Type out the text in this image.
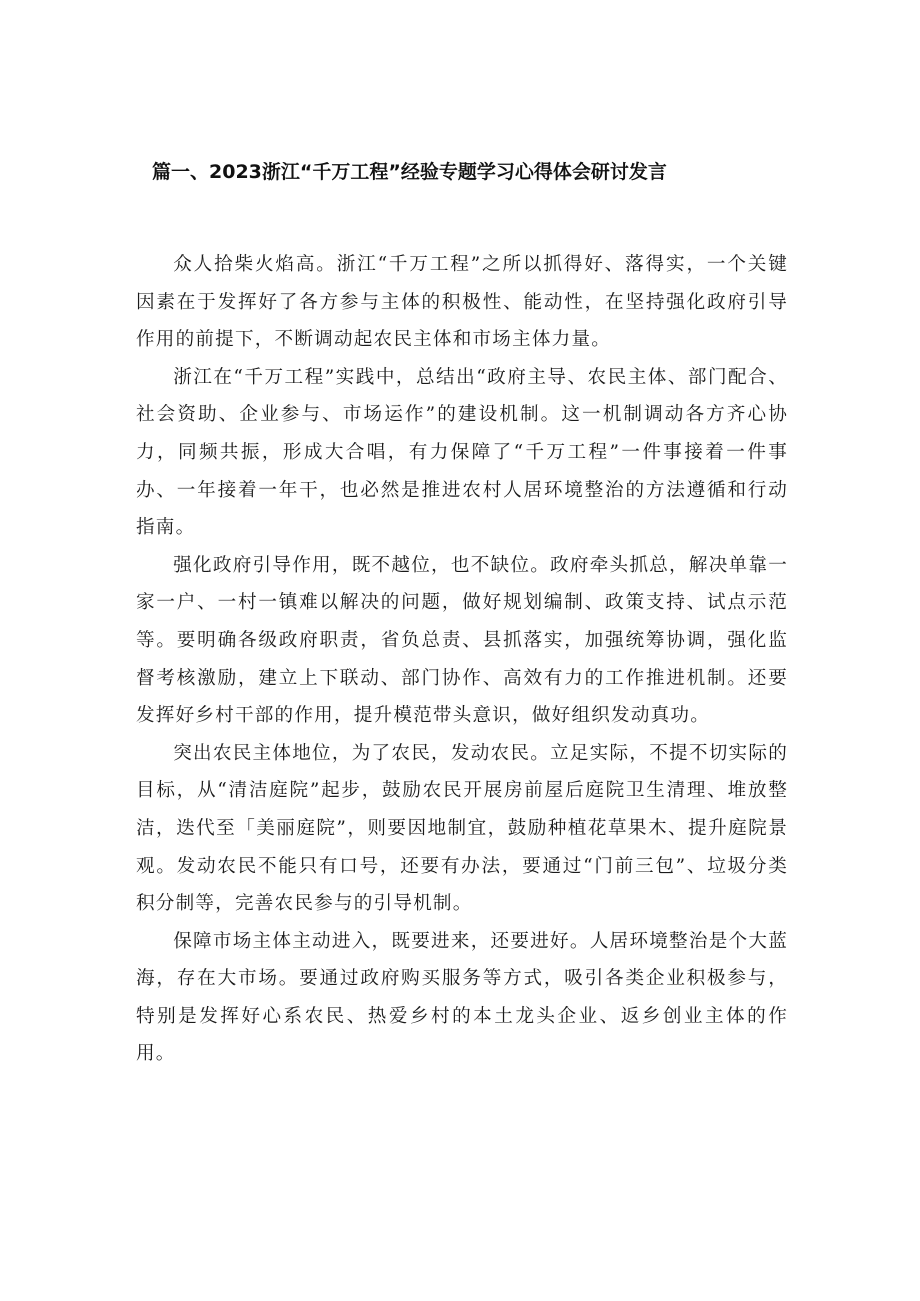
篇一、2023浙江“千万工程”经验专题学习心得体会研讨发言

众人拾柴火焰高。浙江“千万工程”之所以抓得好、落得实，一个关键因素在于发挥好了各方参与主体的积极性、能动性，在坚持强化政府引导作用的前提下，不断调动起农民主体和市场主体力量。

浙江在“千万工程”实践中，总结出“政府主导、农民主体、部门配合、社会资助、企业参与、市场运作”的建设机制。这一机制调动各方齐心协力，同频共振，形成大合唱，有力保障了“千万工程”一件事接着一件事办、一年接着一年干，也必然是推进农村人居环境整治的方法遵循和行动指南。

强化政府引导作用，既不越位，也不缺位。政府牵头抓总，解决单靠一家一户、一村一镇难以解决的问题，做好规划编制、政策支持、试点示范等。要明确各级政府职责，省负总责、县抓落实，加强统筹协调，强化监督考核激励，建立上下联动、部门协作、高效有力的工作推进机制。还要发挥好乡村干部的作用，提升模范带头意识，做好组织发动真功。

突出农民主体地位，为了农民，发动农民。立足实际，不提不切实际的目标，从“清洁庭院”起步，鼓励农民开展房前屋后庭院卫生清理、堆放整洁，迭代至「美丽庭院”，则要因地制宜，鼓励种植花草果木、提升庭院景观。发动农民不能只有口号，还要有办法，要通过“门前三包”、垃圾分类积分制等，完善农民参与的引导机制。

保障市场主体主动进入，既要进来，还要进好。人居环境整治是个大蓝海，存在大市场。要通过政府购买服务等方式，吸引各类企业积极参与，特别是发挥好心系农民、热爱乡村的本土龙头企业、返乡创业主体的作用。
